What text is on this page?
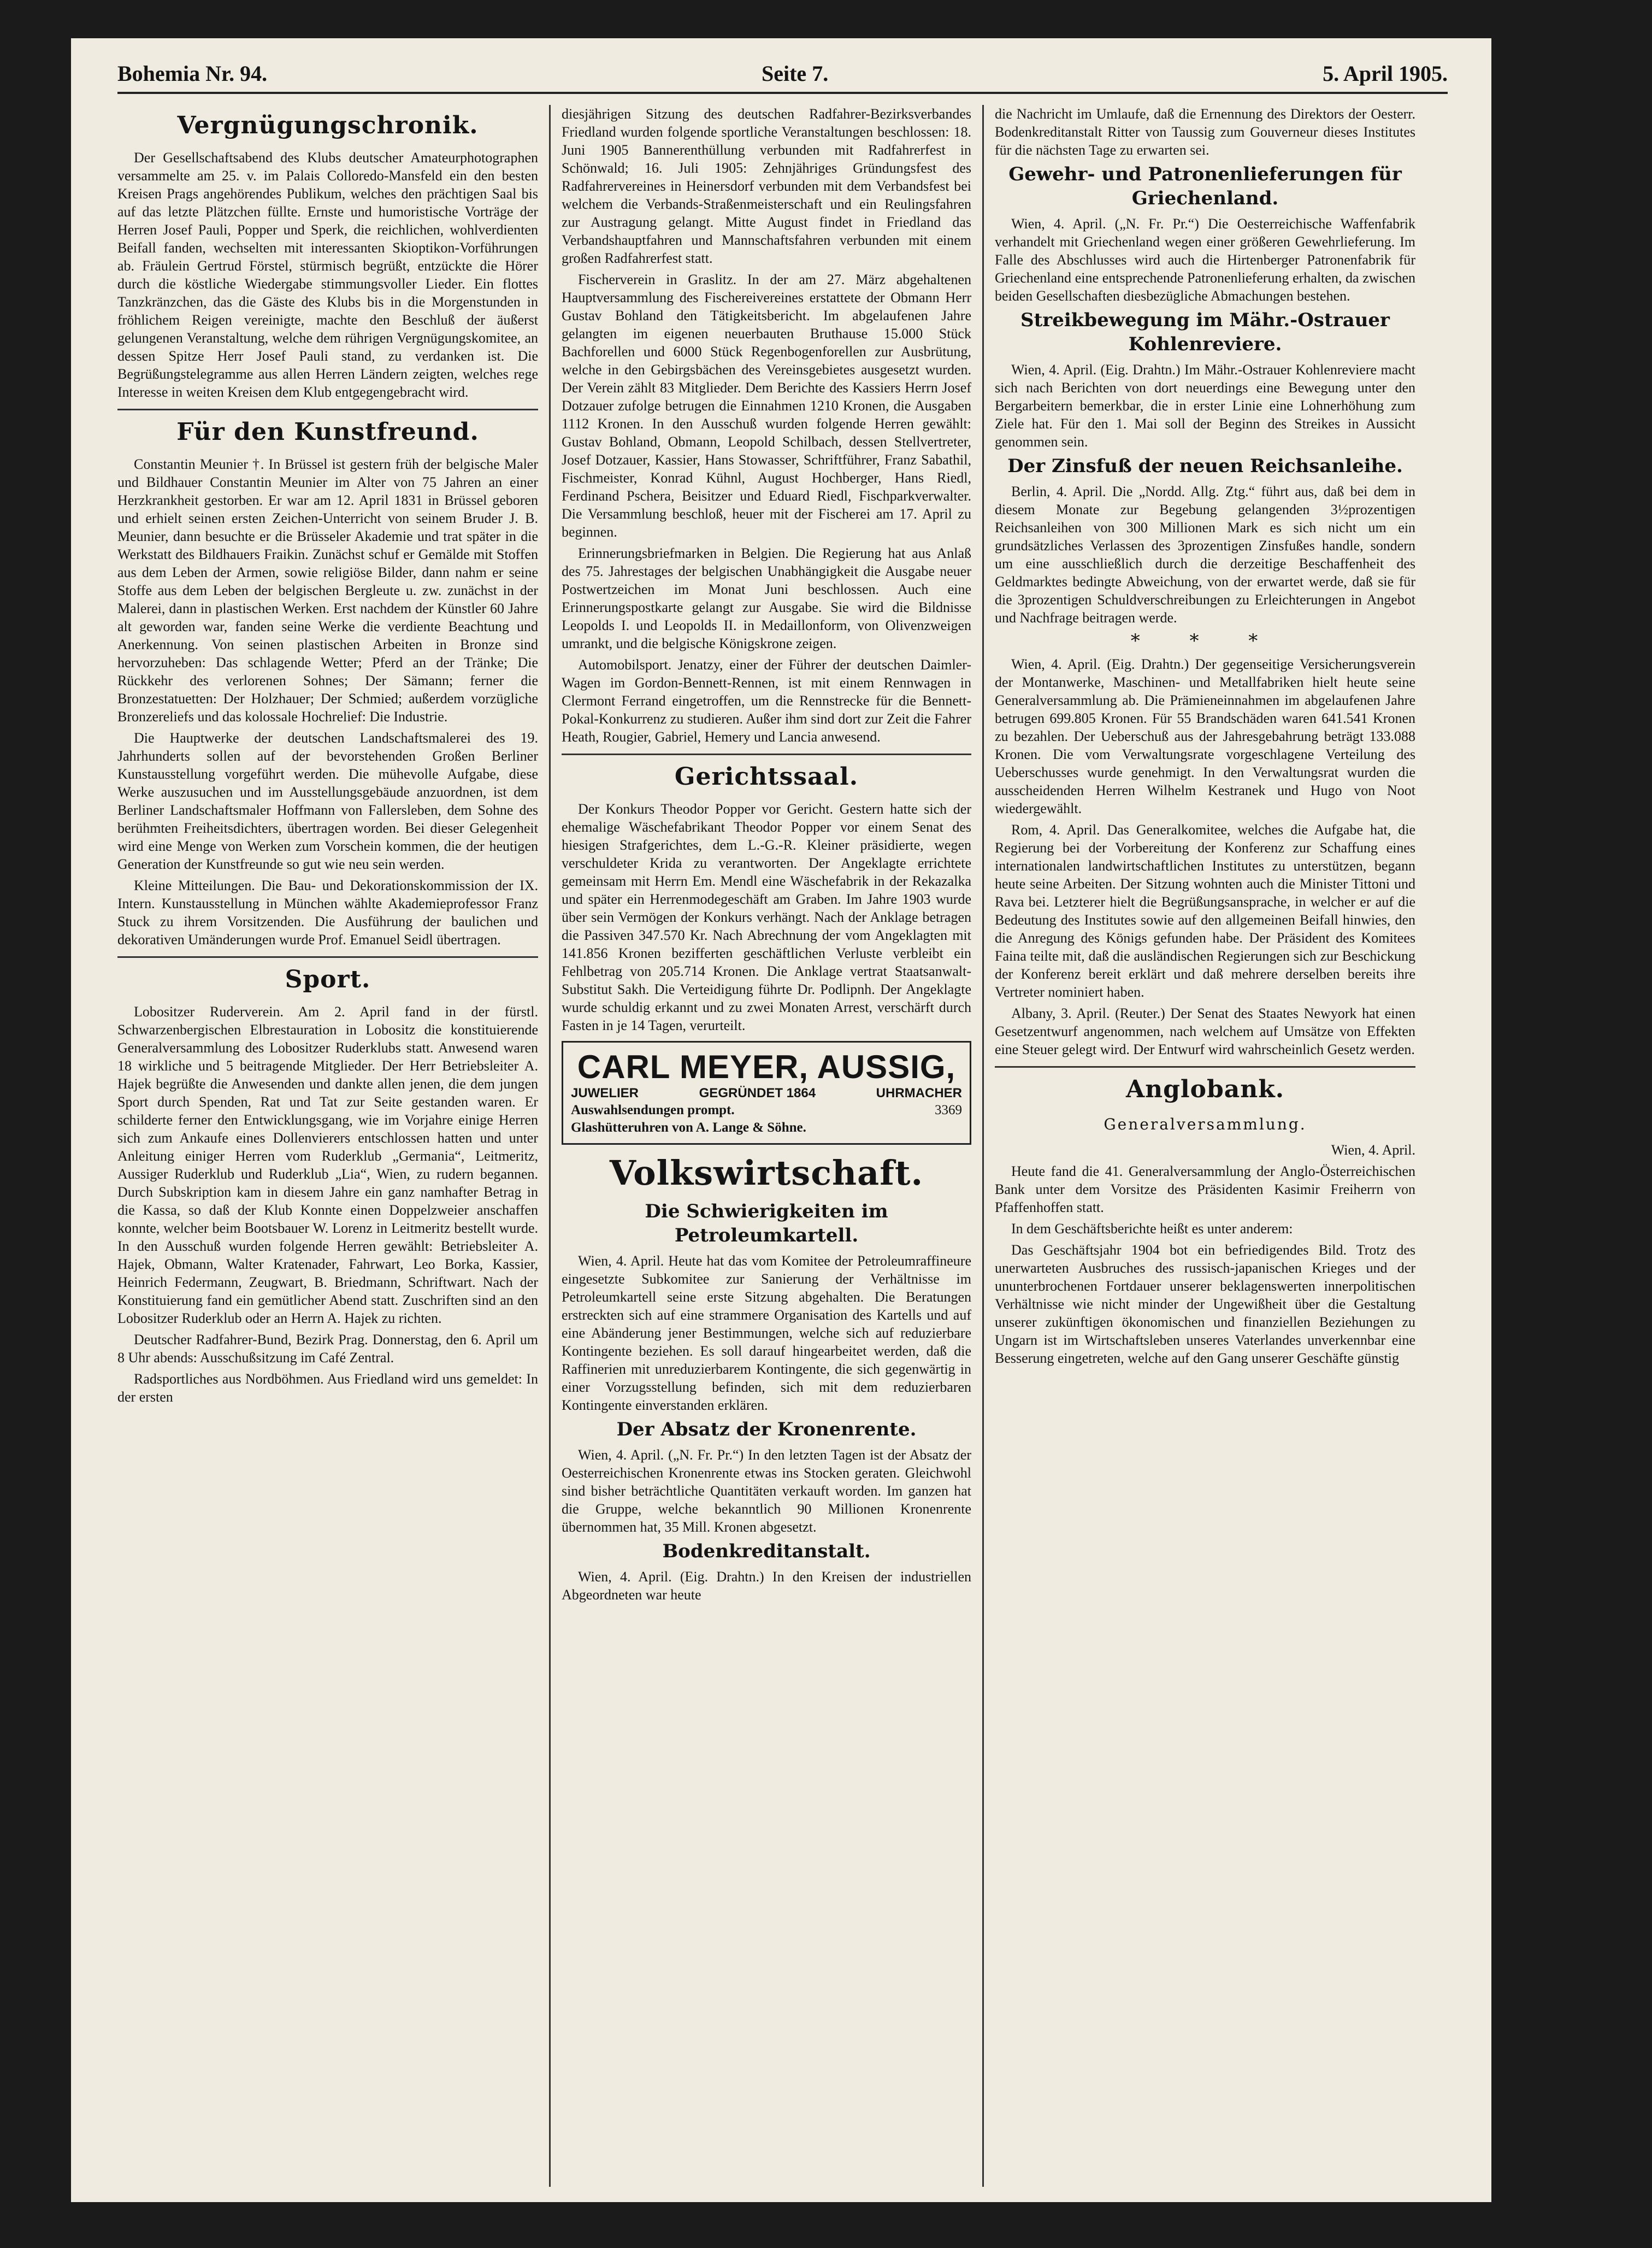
Bohemia Nr. 94.	Seite 7.	5. April 1905.
Vergnügungschronik.

Der Gesellschaftsabend des Klubs deutscher Amateurphotographen versammelte am 25. v. im Palais Colloredo-Mansfeld ein den besten Kreisen Prags angehörendes Publikum, welches den prächtigen Saal bis auf das letzte Plätzchen füllte. Ernste und humoristische Vorträge der Herren Josef Pauli, Popper und Sperk, die reichlichen, wohlverdienten Beifall fanden, wechselten mit interessanten Skioptikon-Vorführungen ab. Fräulein Gertrud Förstel, stürmisch begrüßt, entzückte die Hörer durch die köstliche Wiedergabe stimmungsvoller Lieder. Ein flottes Tanzkränzchen, das die Gäste des Klubs bis in die Morgenstunden in fröhlichem Reigen vereinigte, machte den Beschluß der äußerst gelungenen Veranstaltung, welche dem rührigen Vergnügungskomitee, an dessen Spitze Herr Josef Pauli stand, zu verdanken ist. Die Begrüßungstelegramme aus allen Herren Ländern zeigten, welches rege Interesse in weiten Kreisen dem Klub entgegengebracht wird.

Für den Kunstfreund.

Constantin Meunier †. In Brüssel ist gestern früh der belgische Maler und Bildhauer Constantin Meunier im Alter von 75 Jahren an einer Herzkrankheit gestorben. Er war am 12. April 1831 in Brüssel geboren und erhielt seinen ersten Zeichen-Unterricht von seinem Bruder J. B. Meunier, dann besuchte er die Brüsseler Akademie und trat später in die Werkstatt des Bildhauers Fraikin. Zunächst schuf er Gemälde mit Stoffen aus dem Leben der Armen, sowie religiöse Bilder, dann nahm er seine Stoffe aus dem Leben der belgischen Bergleute u. zw. zunächst in der Malerei, dann in plastischen Werken. Erst nachdem der Künstler 60 Jahre alt geworden war, fanden seine Werke die verdiente Beachtung und Anerkennung. Von seinen plastischen Arbeiten in Bronze sind hervorzuheben: Das schlagende Wetter; Pferd an der Tränke; Die Rückkehr des verlorenen Sohnes; Der Sämann; ferner die Bronzestatuetten: Der Holzhauer; Der Schmied; außerdem vorzügliche Bronzereliefs und das kolossale Hochrelief: Die Industrie.

Die Hauptwerke der deutschen Landschaftsmalerei des 19. Jahrhunderts sollen auf der bevorstehenden Großen Berliner Kunstausstellung vorgeführt werden. Die mühevolle Aufgabe, diese Werke auszusuchen und im Ausstellungsgebäude anzuordnen, ist dem Berliner Landschaftsmaler Hoffmann von Fallersleben, dem Sohne des berühmten Freiheitsdichters, übertragen worden. Bei dieser Gelegenheit wird eine Menge von Werken zum Vorschein kommen, die der heutigen Generation der Kunstfreunde so gut wie neu sein werden.

Kleine Mitteilungen. Die Bau- und Dekorationskommission der IX. Intern. Kunstausstellung in München wählte Akademieprofessor Franz Stuck zu ihrem Vorsitzenden. Die Ausführung der baulichen und dekorativen Umänderungen wurde Prof. Emanuel Seidl übertragen.

Sport.

Lobositzer Ruderverein. Am 2. April fand in der fürstl. Schwarzenbergischen Elbrestauration in Lobositz die konstituierende Generalversammlung des Lobositzer Ruderklubs statt. Anwesend waren 18 wirkliche und 5 beitragende Mitglieder. Der Herr Betriebsleiter A. Hajek begrüßte die Anwesenden und dankte allen jenen, die dem jungen Sport durch Spenden, Rat und Tat zur Seite gestanden waren. Er schilderte ferner den Entwicklungsgang, wie im Vorjahre einige Herren sich zum Ankaufe eines Dollenvierers entschlossen hatten und unter Anleitung einiger Herren vom Ruderklub „Germania“, Leitmeritz, Aussiger Ruderklub und Ruderklub „Lia“, Wien, zu rudern begannen. Durch Subskription kam in diesem Jahre ein ganz namhafter Betrag in die Kassa, so daß der Klub Konnte einen Doppelzweier anschaffen konnte, welcher beim Bootsbauer W. Lorenz in Leitmeritz bestellt wurde. In den Ausschuß wurden folgende Herren gewählt: Betriebsleiter A. Hajek, Obmann, Walter Kratenader, Fahrwart, Leo Borka, Kassier, Heinrich Federmann, Zeugwart, B. Briedmann, Schriftwart. Nach der Konstituierung fand ein gemütlicher Abend statt. Zuschriften sind an den Lobositzer Ruderklub oder an Herrn A. Hajek zu richten.

Deutscher Radfahrer-Bund, Bezirk Prag. Donnerstag, den 6. April um 8 Uhr abends: Ausschußsitzung im Café Zentral.

Radsportliches aus Nordböhmen. Aus Friedland wird uns gemeldet: In der ersten

diesjährigen Sitzung des deutschen Radfahrer-Bezirksverbandes Friedland wurden folgende sportliche Veranstaltungen beschlossen: 18. Juni 1905 Bannerenthüllung verbunden mit Radfahrerfest in Schönwald; 16. Juli 1905: Zehnjähriges Gründungsfest des Radfahrervereines in Heinersdorf verbunden mit dem Verbandsfest bei welchem die Verbands-Straßenmeisterschaft und ein Reulingsfahren zur Austragung gelangt. Mitte August findet in Friedland das Verbandshauptfahren und Mannschaftsfahren verbunden mit einem großen Radfahrerfest statt.

Fischerverein in Graslitz. In der am 27. März abgehaltenen Hauptversammlung des Fischereivereines erstattete der Obmann Herr Gustav Bohland den Tätigkeitsbericht. Im abgelaufenen Jahre gelangten im eigenen neuerbauten Bruthause 15.000 Stück Bachforellen und 6000 Stück Regenbogenforellen zur Ausbrütung, welche in den Gebirgsbächen des Vereinsgebietes ausgesetzt wurden. Der Verein zählt 83 Mitglieder. Dem Berichte des Kassiers Herrn Josef Dotzauer zufolge betrugen die Einnahmen 1210 Kronen, die Ausgaben 1112 Kronen. In den Ausschuß wurden folgende Herren gewählt: Gustav Bohland, Obmann, Leopold Schilbach, dessen Stellvertreter, Josef Dotzauer, Kassier, Hans Stowasser, Schriftführer, Franz Sabathil, Fischmeister, Konrad Kühnl, August Hochberger, Hans Riedl, Ferdinand Pschera, Beisitzer und Eduard Riedl, Fischparkverwalter. Die Versammlung beschloß, heuer mit der Fischerei am 17. April zu beginnen.

Erinnerungsbriefmarken in Belgien. Die Regierung hat aus Anlaß des 75. Jahrestages der belgischen Unabhängigkeit die Ausgabe neuer Postwertzeichen im Monat Juni beschlossen. Auch eine Erinnerungspostkarte gelangt zur Ausgabe. Sie wird die Bildnisse Leopolds I. und Leopolds II. in Medaillonform, von Olivenzweigen umrankt, und die belgische Königskrone zeigen.

Automobilsport. Jenatzy, einer der Führer der deutschen Daimler-Wagen im Gordon-Bennett-Rennen, ist mit einem Rennwagen in Clermont Ferrand eingetroffen, um die Rennstrecke für die Bennett-Pokal-Konkurrenz zu studieren. Außer ihm sind dort zur Zeit die Fahrer Heath, Rougier, Gabriel, Hemery und Lancia anwesend.

Gerichtssaal.

Der Konkurs Theodor Popper vor Gericht. Gestern hatte sich der ehemalige Wäschefabrikant Theodor Popper vor einem Senat des hiesigen Strafgerichtes, dem L.-G.-R. Kleiner präsidierte, wegen verschuldeter Krida zu verantworten. Der Angeklagte errichtete gemeinsam mit Herrn Em. Mendl eine Wäschefabrik in der Rekazalka und später ein Herrenmodegeschäft am Graben. Im Jahre 1903 wurde über sein Vermögen der Konkurs verhängt. Nach der Anklage betragen die Passiven 347.570 Kr. Nach Abrechnung der vom Angeklagten mit 141.856 Kronen bezifferten geschäftlichen Verluste verbleibt ein Fehlbetrag von 205.714 Kronen. Die Anklage vertrat Staatsanwalt-Substitut Sakh. Die Verteidigung führte Dr. Podlipnh. Der Angeklagte wurde schuldig erkannt und zu zwei Monaten Arrest, verschärft durch Fasten in je 14 Tagen, verurteilt.

CARL MEYER, AUSSIG,
JUWELIER	GEGRÜNDET 1864	UHRMACHER
Auswahlsendungen prompt.	3369
Glashütteruhren von A. Lange & Söhne.
Volkswirtschaft.
Die Schwierigkeiten im Petroleumkartell.

Wien, 4. April. Heute hat das vom Komitee der Petroleumraffineure eingesetzte Subkomitee zur Sanierung der Verhältnisse im Petroleumkartell seine erste Sitzung abgehalten. Die Beratungen erstreckten sich auf eine strammere Organisation des Kartells und auf eine Abänderung jener Bestimmungen, welche sich auf reduzierbare Kontingente beziehen. Es soll darauf hingearbeitet werden, daß die Raffinerien mit unreduzierbarem Kontingente, die sich gegenwärtig in einer Vorzugsstellung befinden, sich mit dem reduzierbaren Kontingente einverstanden erklären.

Der Absatz der Kronenrente.

Wien, 4. April. („N. Fr. Pr.“) In den letzten Tagen ist der Absatz der Oesterreichischen Kronenrente etwas ins Stocken geraten. Gleichwohl sind bisher beträchtliche Quantitäten verkauft worden. Im ganzen hat die Gruppe, welche bekanntlich 90 Millionen Kronenrente übernommen hat, 35 Mill. Kronen abgesetzt.

Bodenkreditanstalt.

Wien, 4. April. (Eig. Drahtn.) In den Kreisen der industriellen Abgeordneten war heute

die Nachricht im Umlaufe, daß die Ernennung des Direktors der Oesterr. Bodenkreditanstalt Ritter von Taussig zum Gouverneur dieses Institutes für die nächsten Tage zu erwarten sei.

Gewehr- und Patronenlieferungen für Griechenland.

Wien, 4. April. („N. Fr. Pr.“) Die Oesterreichische Waffenfabrik verhandelt mit Griechenland wegen einer größeren Gewehrlieferung. Im Falle des Abschlusses wird auch die Hirtenberger Patronenfabrik für Griechenland eine entsprechende Patronenlieferung erhalten, da zwischen beiden Gesellschaften diesbezügliche Abmachungen bestehen.

Streikbewegung im Mähr.-Ostrauer Kohlenreviere.

Wien, 4. April. (Eig. Drahtn.) Im Mähr.-Ostrauer Kohlenreviere macht sich nach Berichten von dort neuerdings eine Bewegung unter den Bergarbeitern bemerkbar, die in erster Linie eine Lohnerhöhung zum Ziele hat. Für den 1. Mai soll der Beginn des Streikes in Aussicht genommen sein.

Der Zinsfuß der neuen Reichsanleihe.

Berlin, 4. April. Die „Nordd. Allg. Ztg.“ führt aus, daß bei dem in diesem Monate zur Begebung gelangenden 3½prozentigen Reichsanleihen von 300 Millionen Mark es sich nicht um ein grundsätzliches Verlassen des 3prozentigen Zinsfußes handle, sondern um eine ausschließlich durch die derzeitige Beschaffenheit des Geldmarktes bedingte Abweichung, von der erwartet werde, daß sie für die 3prozentigen Schuldverschreibungen zu Erleichterungen in Angebot und Nachfrage beitragen werde.

* * *

Wien, 4. April. (Eig. Drahtn.) Der gegenseitige Versicherungsverein der Montanwerke, Maschinen- und Metallfabriken hielt heute seine Generalversammlung ab. Die Prämieneinnahmen im abgelaufenen Jahre betrugen 699.805 Kronen. Für 55 Brandschäden waren 641.541 Kronen zu bezahlen. Der Ueberschuß aus der Jahresgebahrung beträgt 133.088 Kronen. Die vom Verwaltungsrate vorgeschlagene Verteilung des Ueberschusses wurde genehmigt. In den Verwaltungsrat wurden die ausscheidenden Herren Wilhelm Kestranek und Hugo von Noot wiedergewählt.

Rom, 4. April. Das Generalkomitee, welches die Aufgabe hat, die Regierung bei der Vorbereitung der Konferenz zur Schaffung eines internationalen landwirtschaftlichen Institutes zu unterstützen, begann heute seine Arbeiten. Der Sitzung wohnten auch die Minister Tittoni und Rava bei. Letzterer hielt die Begrüßungsansprache, in welcher er auf die Bedeutung des Institutes sowie auf den allgemeinen Beifall hinwies, den die Anregung des Königs gefunden habe. Der Präsident des Komitees Faina teilte mit, daß die ausländischen Regierungen sich zur Beschickung der Konferenz bereit erklärt und daß mehrere derselben bereits ihre Vertreter nominiert haben.

Albany, 3. April. (Reuter.) Der Senat des Staates Newyork hat einen Gesetzentwurf angenommen, nach welchem auf Umsätze von Effekten eine Steuer gelegt wird. Der Entwurf wird wahrscheinlich Gesetz werden.

Anglobank.
Generalversammlung.

Wien, 4. April.

Heute fand die 41. Generalversammlung der Anglo-Österreichischen Bank unter dem Vorsitze des Präsidenten Kasimir Freiherrn von Pfaffenhoffen statt.

In dem Geschäftsberichte heißt es unter anderem:

Das Geschäftsjahr 1904 bot ein befriedigendes Bild. Trotz des unerwarteten Ausbruches des russisch-japanischen Krieges und der ununterbrochenen Fortdauer unserer beklagenswerten innerpolitischen Verhältnisse wie nicht minder der Ungewißheit über die Gestaltung unserer zukünftigen ökonomischen und finanziellen Beziehungen zu Ungarn ist im Wirtschaftsleben unseres Vaterlandes unverkennbar eine Besserung eingetreten, welche auf den Gang unserer Geschäfte günstig
